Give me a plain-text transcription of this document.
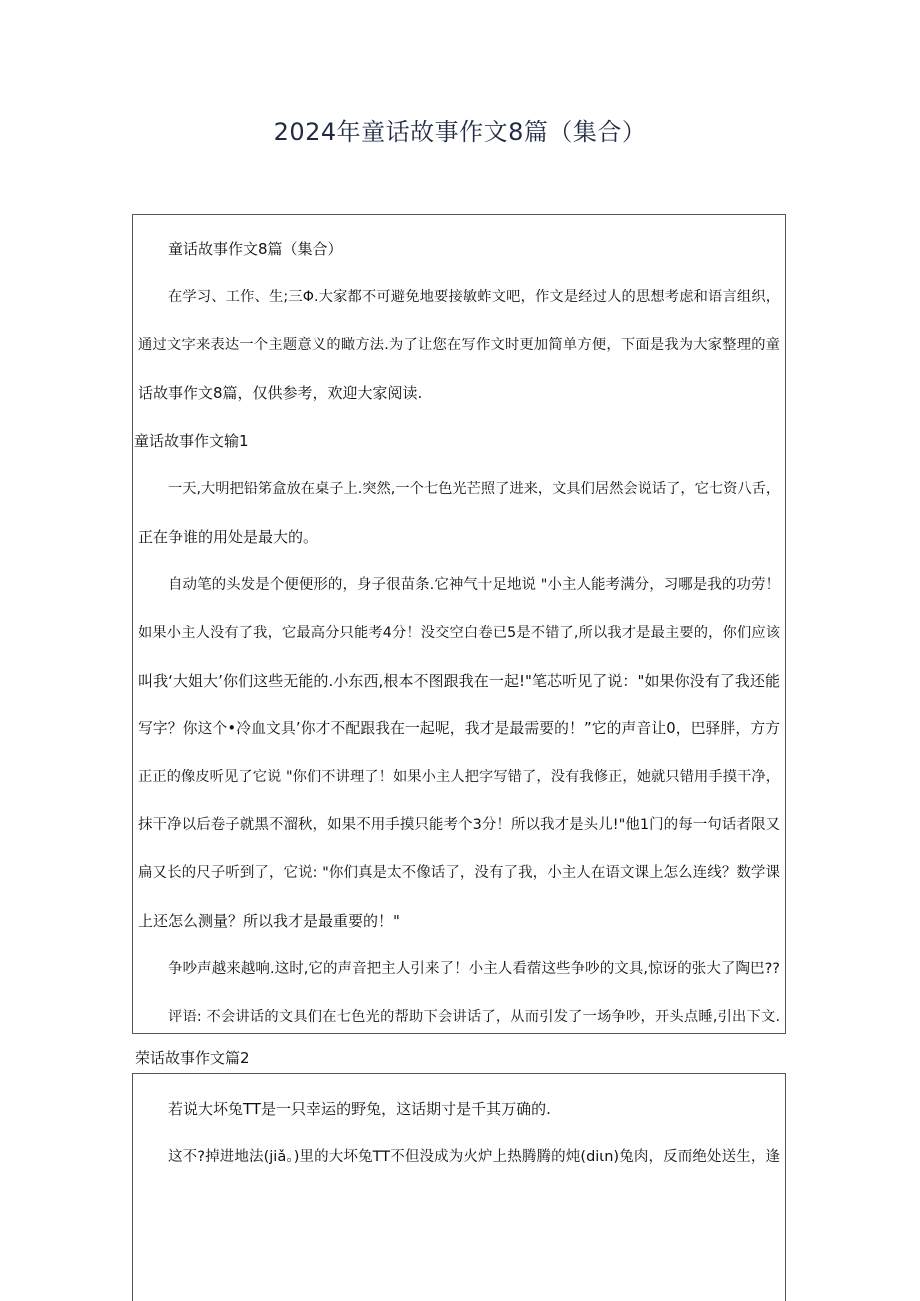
2024年童话故事作文8篇（集合）

童话故事作文8篇（集合）

在学习、工作、生;三Φ.大家都不可避免地要接敏蚱文吧，作文是经过人的思想考虑和语言组织，

通过文字来表达一个主题意义的瞰方法.为了让您在写作文时更加简单方便，下面是我为大家整理的童

话故事作文8篇，仅供参考，欢迎大家阅读.

童话故事作文输1

一天,大明把铅笫盒放在桌子上.突然,一个七色光芒照了进来，文具们居然会说话了，它七资八舌，

正在争谁的用处是最大的。

自动笔的头发是个便便形的，身子很苗条.它神气十足地说 "小主人能考满分，习哪是我的功劳！

如果小主人没有了我，它最高分只能考4分！没交空白卷已5是不错了,所以我才是最主要的，你们应该

叫我‘大姐大’你们这些无能的.小东西,根本不图跟我在一起!"笔芯听见了说："如果你没有了我还能

写字？你这个•冷血文具’你才不配跟我在一起呢，我才是最需要的！”它的声音让0，巴驿胖，方方

正正的像皮听见了它说 "你们不讲理了！如果小主人把字写错了，没有我修正，她就只错用手摸干净，

抹干净以后卷子就黑不溜秋，如果不用手摸只能考个3分！所以我才是头儿!"他1门的每一句话者限又

扁又长的尺子听到了，它说: "你们真是太不像话了，没有了我，小主人在语文课上怎么连线？数学课

上还怎么测量？所以我才是最重要的！"

争吵声越来越响.这时,它的声音把主人引来了！小主人看蓿这些争吵的文具,惊讶的张大了陶巴??

评语: 不会讲话的文具们在七色光的帮助下会讲话了，从而引发了一场争吵，开头点睡,引出下文.

荣话故事作文篇2

若说大坏兔TT是一只幸运的野兔，这话期寸是千其万确的.

这不?掉进地法(jiǎ。)里的大坏兔TT不但没成为火炉上热腾腾的炖(diιn)兔肉，反而绝处送生，逢
